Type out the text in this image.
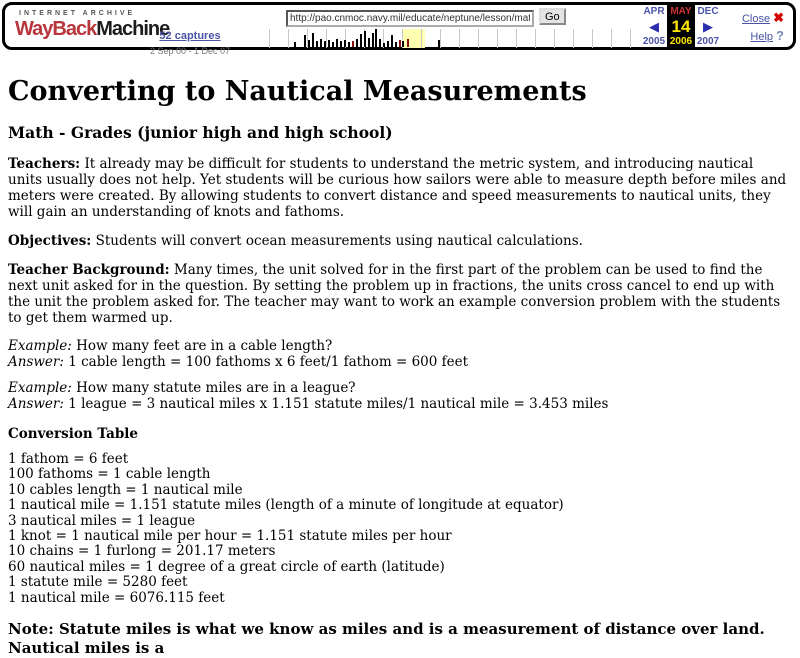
INTERNET ARCHIVE
WayBackMachine
52 captures
2 Sep 00 - 1 Dec 07
http://pao.cnmoc.navy.mil/educate/neptune/lesson/math/nautical.htm
Go	APR
◀
2005
MAY
14
2006
DEC
▶
2007
Close ✖
Help ?
Converting to Nautical Measurements
Math - Grades (junior high and high school)

Teachers: It already may be difficult for students to understand the metric system, and introducing nautical units usually does not help. Yet students will be curious how sailors were able to measure depth before miles and meters were created. By allowing students to convert distance and speed measurements to nautical units, they will gain an understanding of knots and fathoms.

Objectives: Students will convert ocean measurements using nautical calculations.

Teacher Background: Many times, the unit solved for in the first part of the problem can be used to find the next unit asked for in the question. By setting the problem up in fractions, the units cross cancel to end up with the unit the problem asked for. The teacher may want to work an example conversion problem with the students to get them warmed up.

Example: How many feet are in a cable length?
Answer: 1 cable length = 100 fathoms x 6 feet/1 fathom = 600 feet
Example: How many statute miles are in a league?
Answer: 1 league = 3 nautical miles x 1.151 statute miles/1 nautical mile = 3.453 miles
Conversion Table
1 fathom = 6 feet
100 fathoms = 1 cable length
10 cables length = 1 nautical mile
1 nautical mile = 1.151 statute miles (length of a minute of longitude at equator)
3 nautical miles = 1 league
1 knot = 1 nautical mile per hour = 1.151 statute miles per hour
10 chains = 1 furlong = 201.17 meters
60 nautical miles = 1 degree of a great circle of earth (latitude)
1 statute mile = 5280 feet
1 nautical mile = 6076.115 feet
Note: Statute miles is what we know as miles and is a measurement of distance over land. Nautical miles is a
